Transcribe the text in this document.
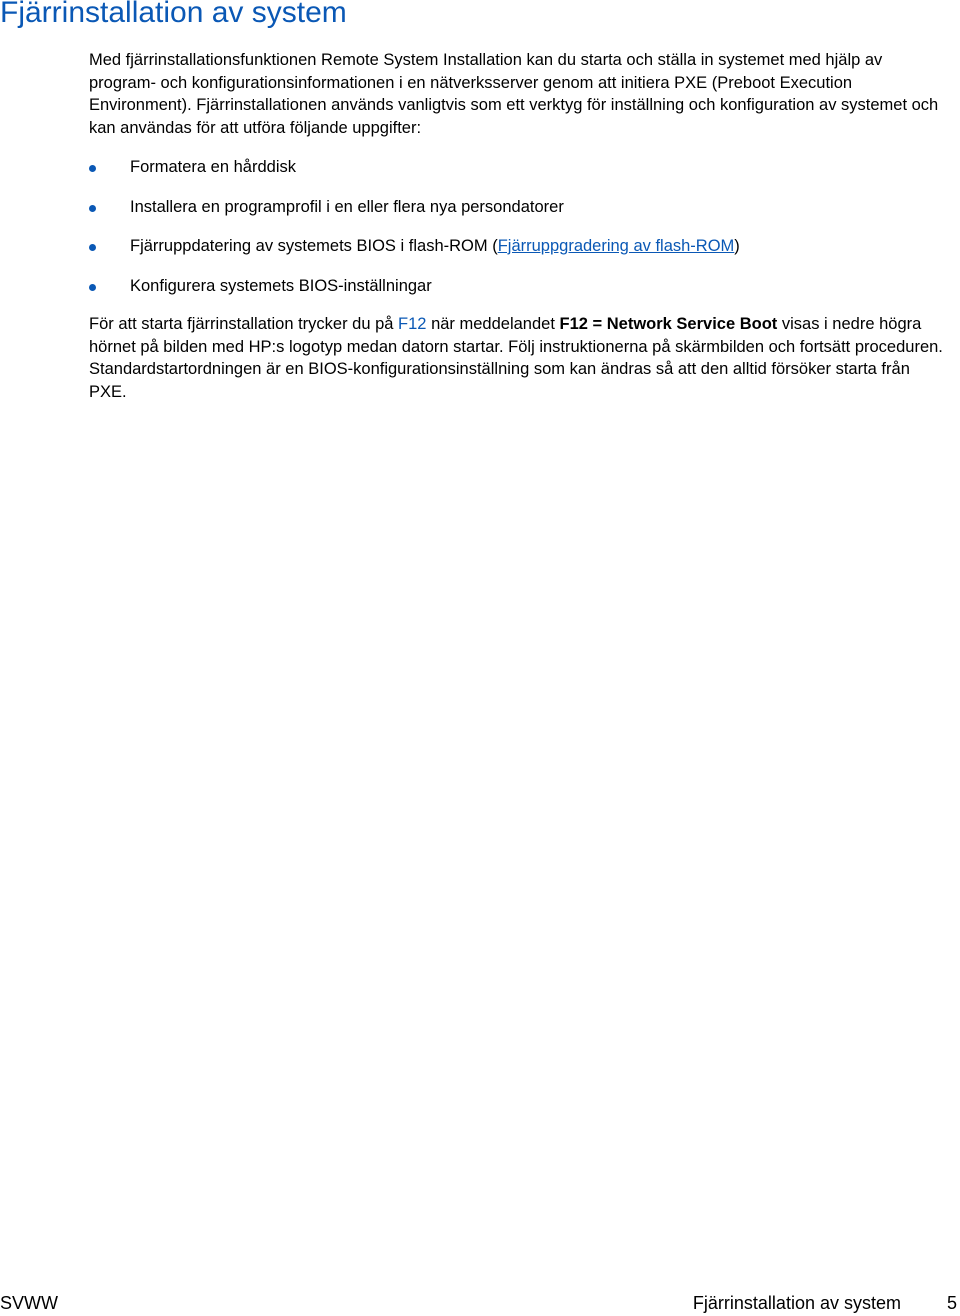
Fjärrinstallation av system

Med fjärrinstallationsfunktionen Remote System Installation kan du starta och ställa in systemet med hjälp av program- och konfigurationsinformationen i en nätverksserver genom att initiera PXE (Preboot Execution Environment). Fjärrinstallationen används vanligtvis som ett verktyg för inställning och konfiguration av systemet och kan användas för att utföra följande uppgifter:

Formatera en hårddisk
Installera en programprofil i en eller flera nya persondatorer
Fjärruppdatering av systemets BIOS i flash-ROM (Fjärruppgradering av flash-ROM)
Konfigurera systemets BIOS-inställningar

För att starta fjärrinstallation trycker du på F12 när meddelandet F12 = Network Service Boot visas i nedre högra hörnet på bilden med HP:s logotyp medan datorn startar. Följ instruktionerna på skärmbilden och fortsätt proceduren. Standardstartordningen är en BIOS-konfigurationsinställning som kan ändras så att den alltid försöker starta från PXE.

SVWW	Fjärrinstallation av system	5
